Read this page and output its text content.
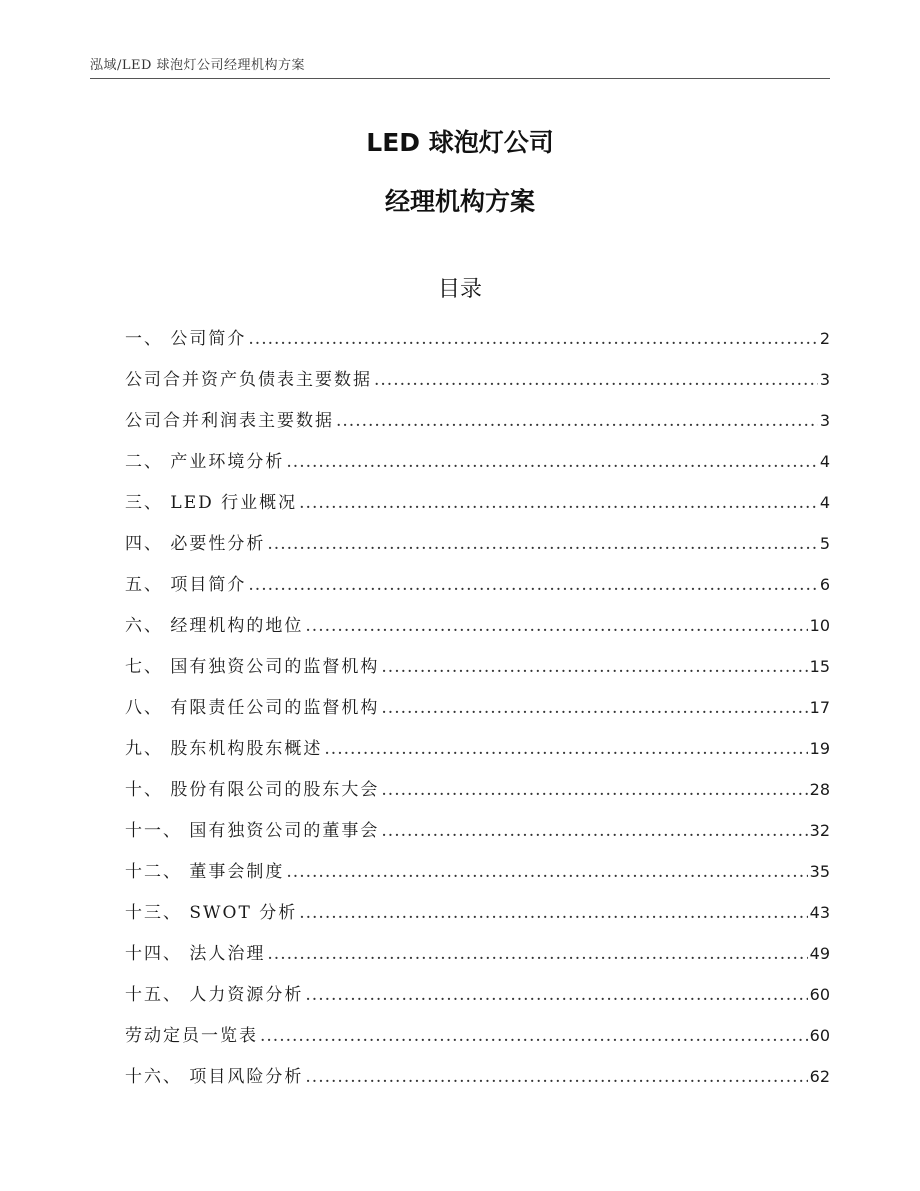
泓域/LED 球泡灯公司经理机构方案
LED 球泡灯公司
经理机构方案
目录
一、 公司简介 .....	2
公司合并资产负债表主要数据 .....	3
公司合并利润表主要数据 .....	3
二、 产业环境分析 .....	4
三、 LED 行业概况 .....	4
四、 必要性分析 .....	5
五、 项目简介 .....	6
六、 经理机构的地位 .....	10
七、 国有独资公司的监督机构 .....	15
八、 有限责任公司的监督机构 .....	17
九、 股东机构股东概述 .....	19
十、 股份有限公司的股东大会 .....	28
十一、 国有独资公司的董事会 .....	32
十二、 董事会制度 .....	35
十三、 SWOT 分析 .....	43
十四、 法人治理 .....	49
十五、 人力资源分析 .....	60
劳动定员一览表 .....	60
十六、 项目风险分析 .....	62
